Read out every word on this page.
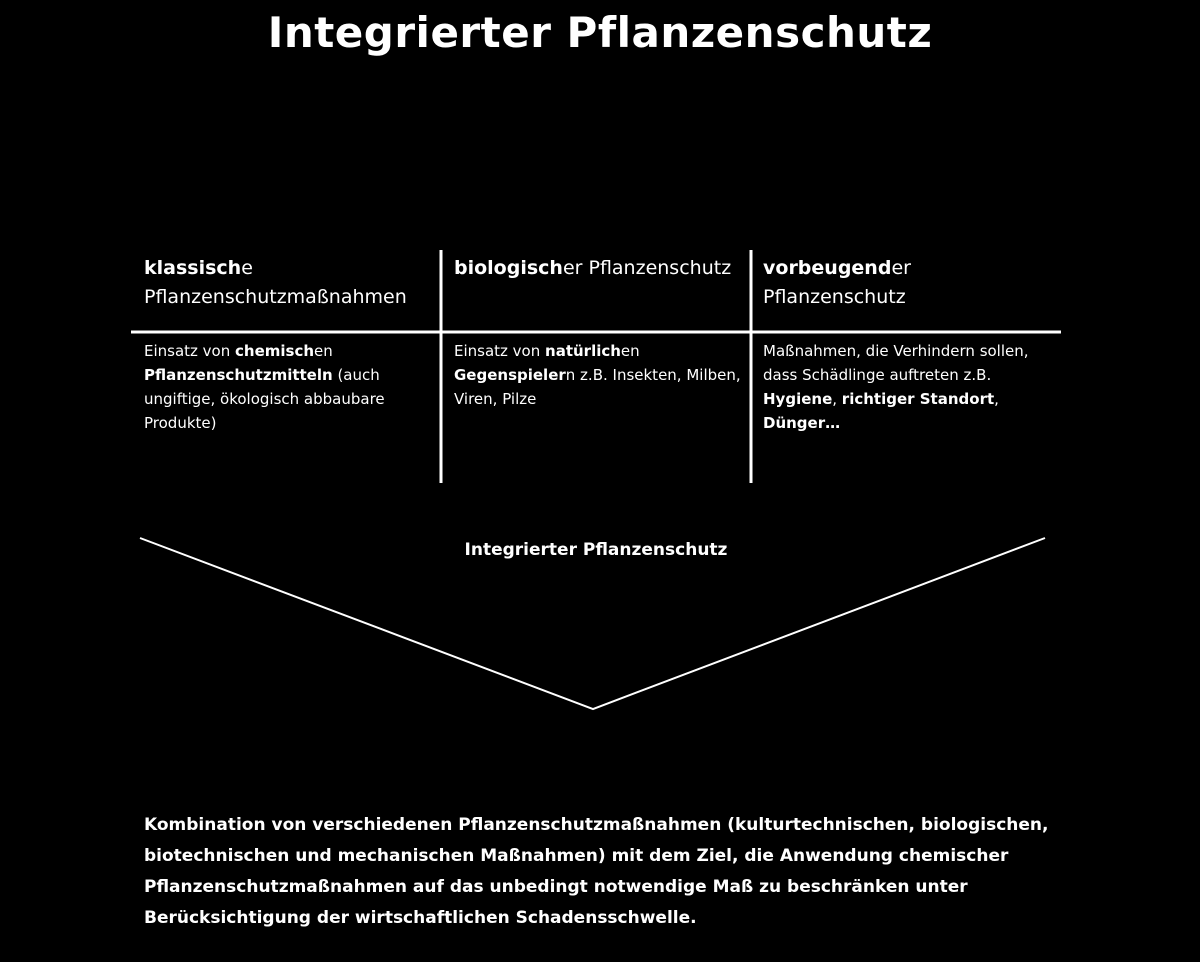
Integrierter Pflanzenschutz
klassische Pflanzenschutzmaßnahmen
Einsatz von chemischen Pflanzenschutzmitteln (auch ungiftige, ökologisch abbaubare Produkte)
biologischer Pflanzenschutz
Einsatz von natürlichen Gegenspielern z.B. Insekten, Milben, Viren, Pilze
vorbeugender Pflanzenschutz
Maßnahmen, die Verhindern sollen, dass Schädlinge auftreten z.B. Hygiene, richtiger Standort, Dünger…
Integrierter Pflanzenschutz
Kombination von verschiedenen Pflanzenschutzmaßnahmen (kulturtechnischen, biologischen, biotechnischen und mechanischen Maßnahmen) mit dem Ziel, die Anwendung chemischer Pflanzenschutzmaßnahmen auf das unbedingt notwendige Maß zu beschränken unter Berücksichtigung der wirtschaftlichen Schadensschwelle.
